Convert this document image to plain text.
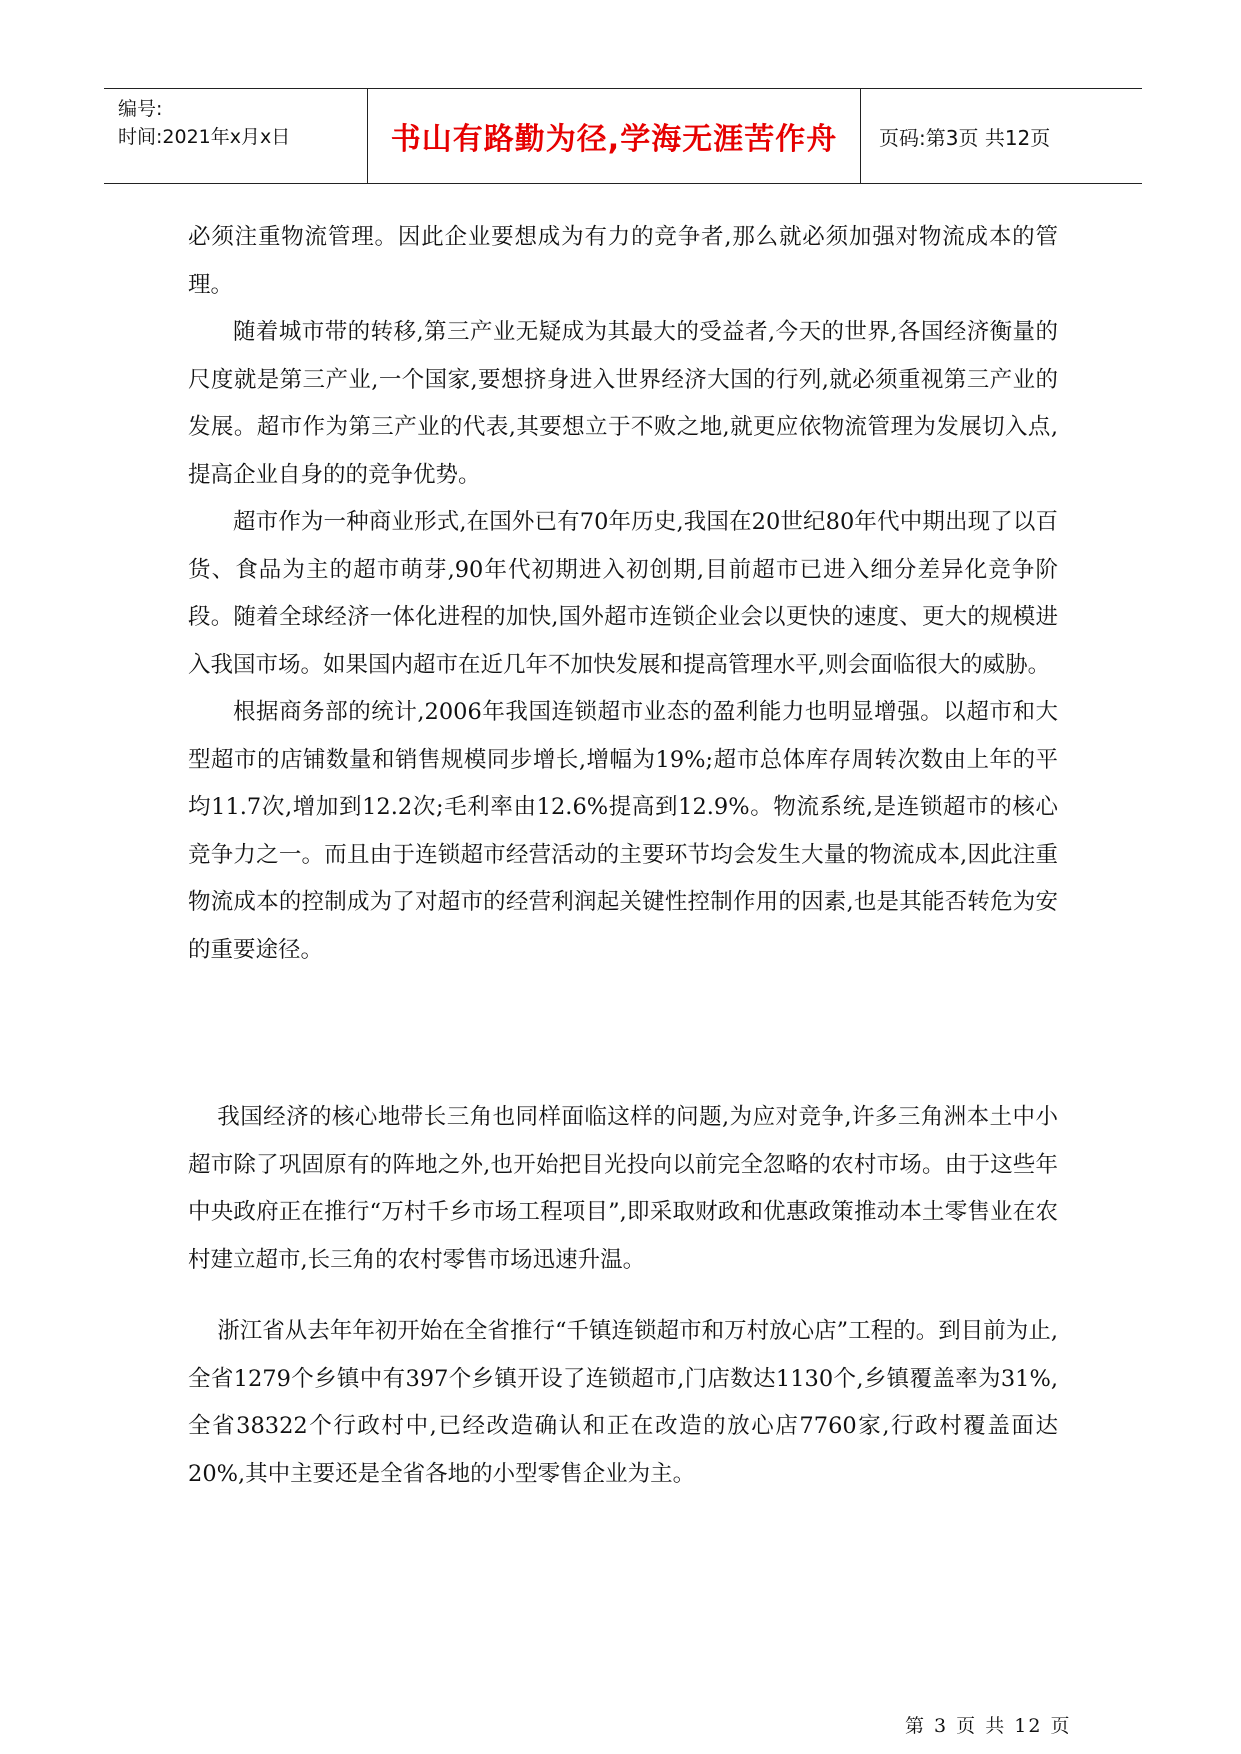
编号:
时间:2021年x月x日	书山有路勤为径,学海无涯苦作舟 页码:第3页 共12页

必须注重物流管理。因此企业要想成为有力的竞争者,那么就必须加强对物流成本的管理。

随着城市带的转移,第三产业无疑成为其最大的受益者,今天的世界,各国经济衡量的尺度就是第三产业,一个国家,要想挤身进入世界经济大国的行列,就必须重视第三产业的发展。超市作为第三产业的代表,其要想立于不败之地,就更应依物流管理为发展切入点,提高企业自身的的竞争优势。

超市作为一种商业形式,在国外已有70年历史,我国在20世纪80年代中期出现了以百货、食品为主的超市萌芽,90年代初期进入初创期,目前超市已进入细分差异化竞争阶段。随着全球经济一体化进程的加快,国外超市连锁企业会以更快的速度、更大的规模进入我国市场。如果国内超市在近几年不加快发展和提高管理水平,则会面临很大的威胁。

根据商务部的统计,2006年我国连锁超市业态的盈利能力也明显增强。以超市和大型超市的店铺数量和销售规模同步增长,增幅为19%;超市总体库存周转次数由上年的平均11.7次,增加到12.2次;毛利率由12.6%提高到12.9%。物流系统,是连锁超市的核心竞争力之一。而且由于连锁超市经营活动的主要环节均会发生大量的物流成本,因此注重物流成本的控制成为了对超市的经营利润起关键性控制作用的因素,也是其能否转危为安的重要途径。

我国经济的核心地带长三角也同样面临这样的问题,为应对竞争,许多三角洲本土中小超市除了巩固原有的阵地之外,也开始把目光投向以前完全忽略的农村市场。由于这些年中央政府正在推行“万村千乡市场工程项目”,即采取财政和优惠政策推动本土零售业在农村建立超市,长三角的农村零售市场迅速升温。

浙江省从去年年初开始在全省推行“千镇连锁超市和万村放心店”工程的。到目前为止,全省1279个乡镇中有397个乡镇开设了连锁超市,门店数达1130个,乡镇覆盖率为31%,全省38322个行政村中,已经改造确认和正在改造的放心店7760家,行政村覆盖面达20%,其中主要还是全省各地的小型零售企业为主。

第 3 页 共 12 页
